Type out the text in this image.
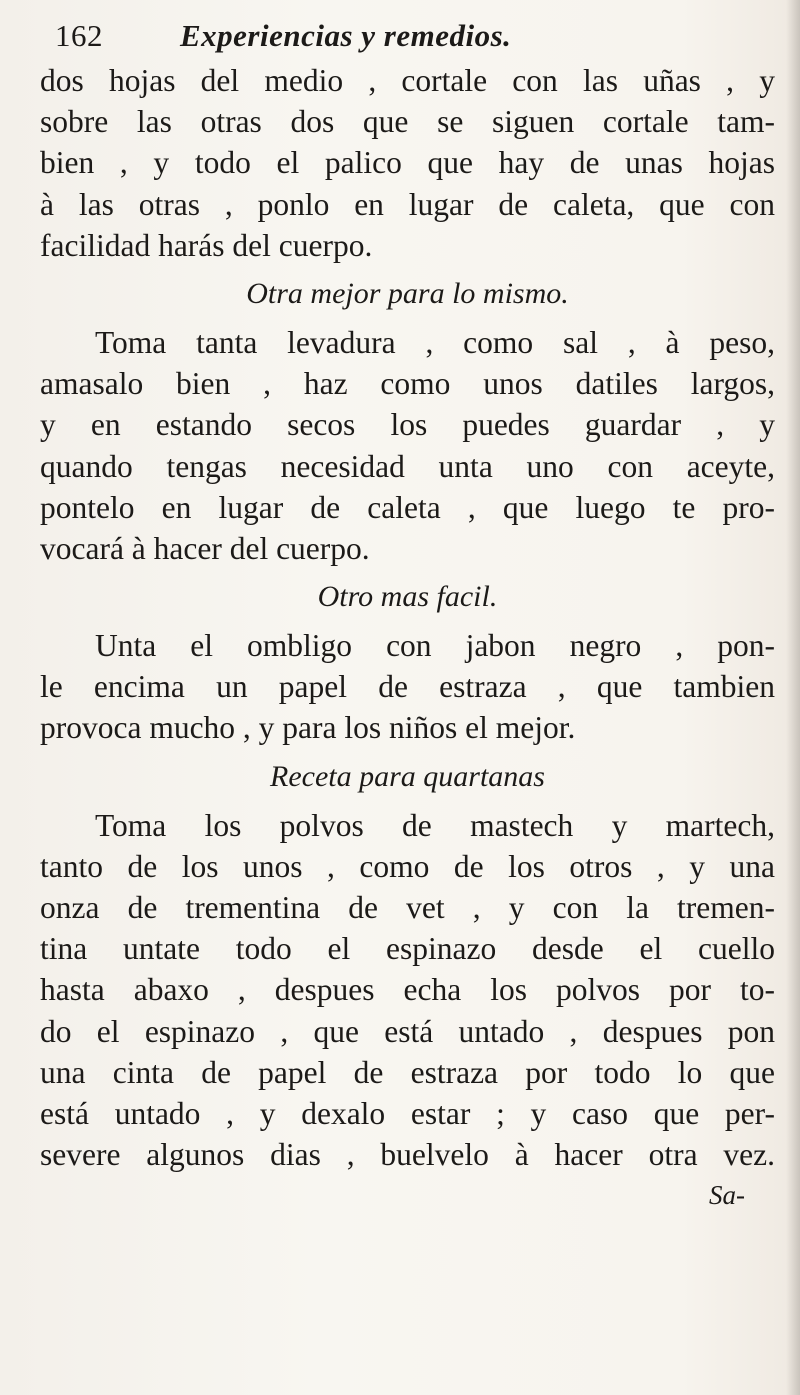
162 Experiencias y remedios.
dos hojas del medio , cortale con las uñas , y
sobre las otras dos que se siguen cortale tam-
bien , y todo el palico que hay de unas hojas
à las otras , ponlo en lugar de caleta, que con
facilidad harás del cuerpo.
Otra mejor para lo mismo.
Toma tanta levadura , como sal , à peso,
amasalo bien , haz como unos datiles largos,
y en estando secos los puedes guardar , y
quando tengas necesidad unta uno con aceyte,
pontelo en lugar de caleta , que luego te pro-
vocará à hacer del cuerpo.
Otro mas facil.
Unta el ombligo con jabon negro , pon-
le encima un papel de estraza , que tambien
provoca mucho , y para los niños el mejor.
Receta para quartanas
Toma los polvos de mastech y martech,
tanto de los unos , como de los otros , y una
onza de trementina de vet , y con la tremen-
tina untate todo el espinazo desde el cuello
hasta abaxo , despues echa los polvos por to-
do el espinazo , que está untado , despues pon
una cinta de papel de estraza por todo lo que
está untado , y dexalo estar ; y caso que per-
severe algunos dias , buelvelo à hacer otra vez.
Sa-
